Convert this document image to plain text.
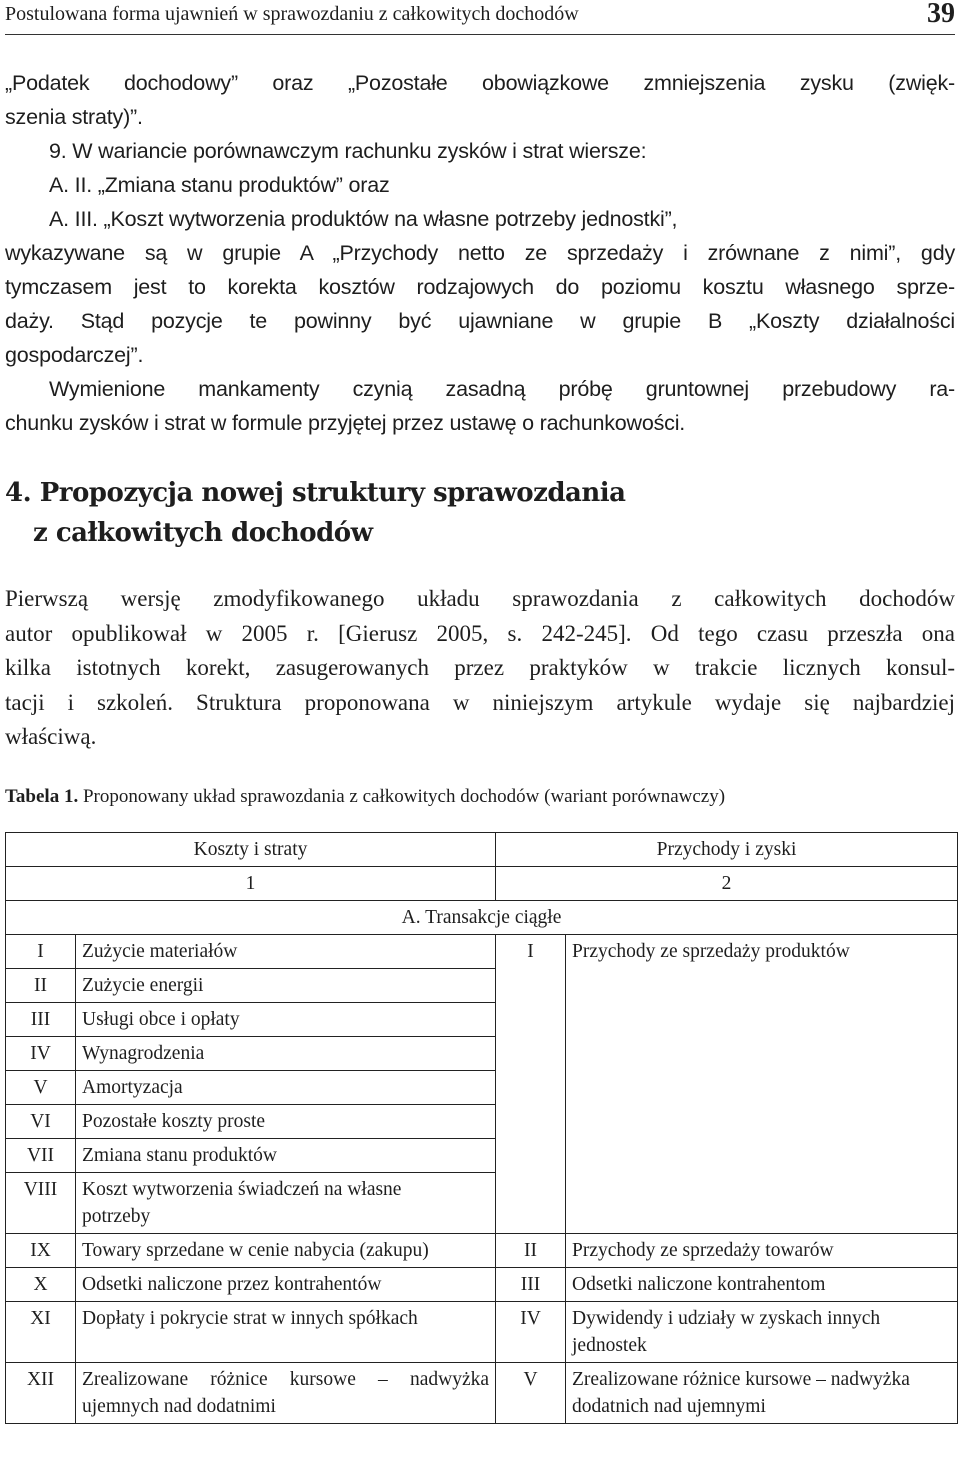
Postulowana forma ujawnień w sprawozdaniu z całkowitych dochodów	39
„Podatek dochodowy” oraz „Pozostałe obowiązkowe zmniejszenia zysku (zwięk-
szenia straty)”.
9. W wariancie porównawczym rachunku zysków i strat wiersze:
A. II. „Zmiana stanu produktów” oraz
A. III. „Koszt wytworzenia produktów na własne potrzeby jednostki”,
wykazywane są w grupie A „Przychody netto ze sprzedaży i zrównane z nimi”, gdy
tymczasem jest to korekta kosztów rodzajowych do poziomu kosztu własnego sprze-
daży. Stąd pozycje te powinny być ujawniane w grupie B „Koszty działalności
gospodarczej”.
Wymienione mankamenty czynią zasadną próbę gruntownej przebudowy ra-
chunku zysków i strat w formule przyjętej przez ustawę o rachunkowości.
4. Propozycja nowej struktury sprawozdania
z całkowitych dochodów
Pierwszą wersję zmodyfikowanego układu sprawozdania z całkowitych dochodów
autor opublikował w 2005 r. [Gierusz 2005, s. 242-245]. Od tego czasu przeszła ona
kilka istotnych korekt, zasugerowanych przez praktyków w trakcie licznych konsul-
tacji i szkoleń. Struktura proponowana w niniejszym artykule wydaje się najbardziej
właściwą.
Tabela 1. Proponowany układ sprawozdania z całkowitych dochodów (wariant porównawczy)
Koszty i straty		Przychody i zyski	
1		2	
A. Transakcje ciągłe			
I	Zużycie materiałów	I	Przychody ze sprzedaży produktów
II	Zużycie energii		
III	Usługi obce i opłaty		
IV	Wynagrodzenia		
V	Amortyzacja		
VI	Pozostałe koszty proste		
VII	Zmiana stanu produktów		
VIII	Koszt wytworzenia świadczeń na własne potrzeby		
IX	Towary sprzedane w cenie nabycia (zakupu)	II	Przychody ze sprzedaży towarów
X	Odsetki naliczone przez kontrahentów	III	Odsetki naliczone kontrahentom
XI	Dopłaty i pokrycie strat w innych spółkach	IV	Dywidendy i udziały w zyskach innych jednostek
XII	Zrealizowane różnice kursowe – nadwyżka ujemnych nad dodatnimi	V	Zrealizowane różnice kursowe – nadwyżka dodatnich nad ujemnymi
